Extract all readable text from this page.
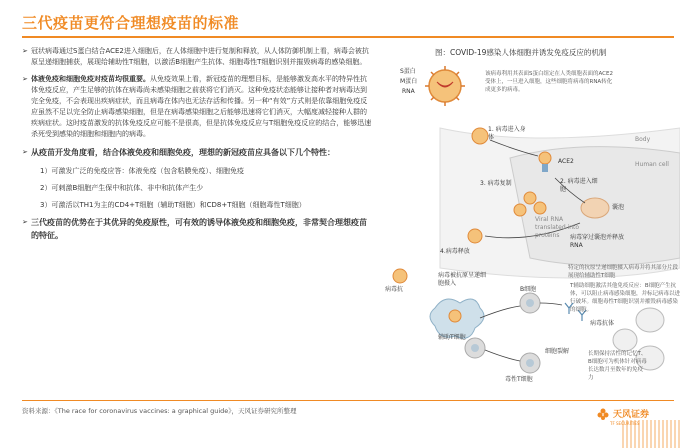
三代疫苗更符合理想疫苗的标准
➢ 冠状病毒通过S蛋白结合ACE2进入细胞后，在人体细胞中进行复制和释放，从人体防御机制上看，病毒会被抗原呈递细胞捕获，展现给辅助性T细胞，以激活B细胞产生抗体、细胞毒性T细胞识别并摧毁病毒的感染细胞。
➢ 体液免疫和细胞免疫对疫苗均很重要。从免疫效果上看，新冠疫苗的理想目标，是能够激发高水平的特异性抗体免疫反应，产生足够的抗体在病毒尚未感染细胞之前获将它们消灭。这种免疫状态能够让接种者对病毒达到完全免疫，不会表现出疾病症状，而且病毒在体内也无法存活和传播。另一种“有效”方式则是依靠细胞免疫反应虽然不足以完全防止病毒感染细胞，但是在病毒感染细胞之后能够迅速将它们消灭，大幅度减轻接种人群的疾病症状。这时疫苗激发的抗体免疫反应可能不是很高，但是抗体免疫反应与T细胞免疫反应的结合，能够迅速杀死受到感染的细胞和细胞内的病毒。
➢ 从疫苗开发角度看，结合体液免疫和细胞免疫，理想的新冠疫苗应具备以下几个特性：
1）可激发广泛的免疫应答：体液免疫（包含粘膜免疫）、细胞免疫
2）可刺激B细胞产生保中和抗体、非中和抗体产生少
3）可激活以TH1为主的CD4+T细胞（辅助T细胞）和CD8+T细胞（细胞毒性T细胞）
➢ 三代疫苗的优势在于其优异的免疫原性，可有效的诱导体液免疫和细胞免疫，非常契合理想疫苗的特征。
图：COVID-19感染人体细胞并诱发免疫反应的机制
S蛋白
M蛋白
RNA
该病毒利用其表面S蛋白组定在人类细胞表面的ACE2受体上，一旦进入细胞，这些细胞将病毒的RNA转化成更多的病毒。
1. 病毒进入身体	Body
Human cell
ACE2
2. 病毒进入细胞
3. 病毒复制
Viral RNA translated into proteins
囊泡
病毒穿过囊泡并释放RNA
4.病毒释放
特定的抗原呈递细胞摄入病毒并将其部分片段展现给辅助性T细胞
病毒抗
病毒被抗原呈递细胞摄入	T辅助细胞激活其他免疫反应：B细胞产生抗体，可以阻止病毒感染细胞，并标记病毒以进行破坏。细胞毒性T细胞识别并摧毁病毒感染的细胞。
B细胞
辅助T细胞
病毒抗体
毒性T细胞
细胞裂解	长期保持活性的记忆T、B细胞可为机体针对病毒长达数月至数年的免疫力
资料来源：《The race for coronavirus vaccines: a graphical guide》，天风证券研究所整理	天风证券
TF SECURITIES
